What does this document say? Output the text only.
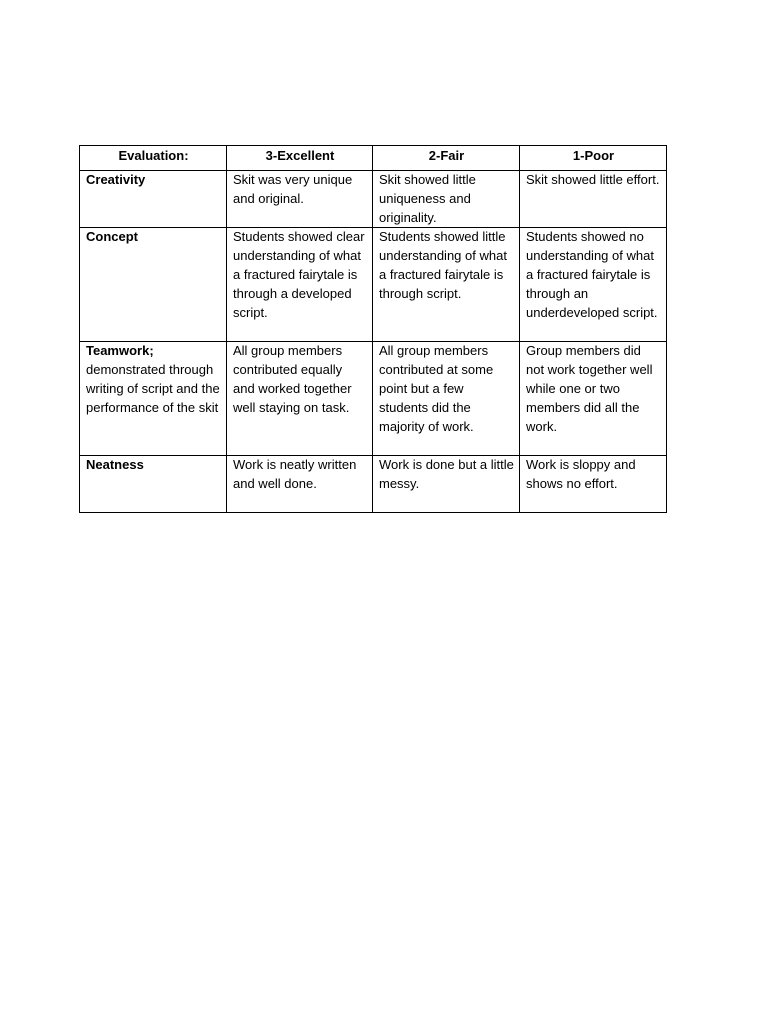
Evaluation:	3-Excellent	2-Fair	1-Poor
Creativity	Skit was very unique and original.	Skit showed little uniqueness and originality.	Skit showed little effort.
Concept	Students showed clear understanding of what a fractured fairytale is through a developed script.	Students showed little understanding of what a fractured fairytale is through script.	Students showed no understanding of what a fractured fairytale is through an underdeveloped script.
Teamwork; demonstrated through writing of script and the performance of the skit	All group members contributed equally and worked together well staying on task.	All group members contributed at some point but a few students did the majority of work.	Group members did not work together well while one or two members did all the work.
Neatness	Work is neatly written and well done.	Work is done but a little messy.	Work is sloppy and shows no effort.
